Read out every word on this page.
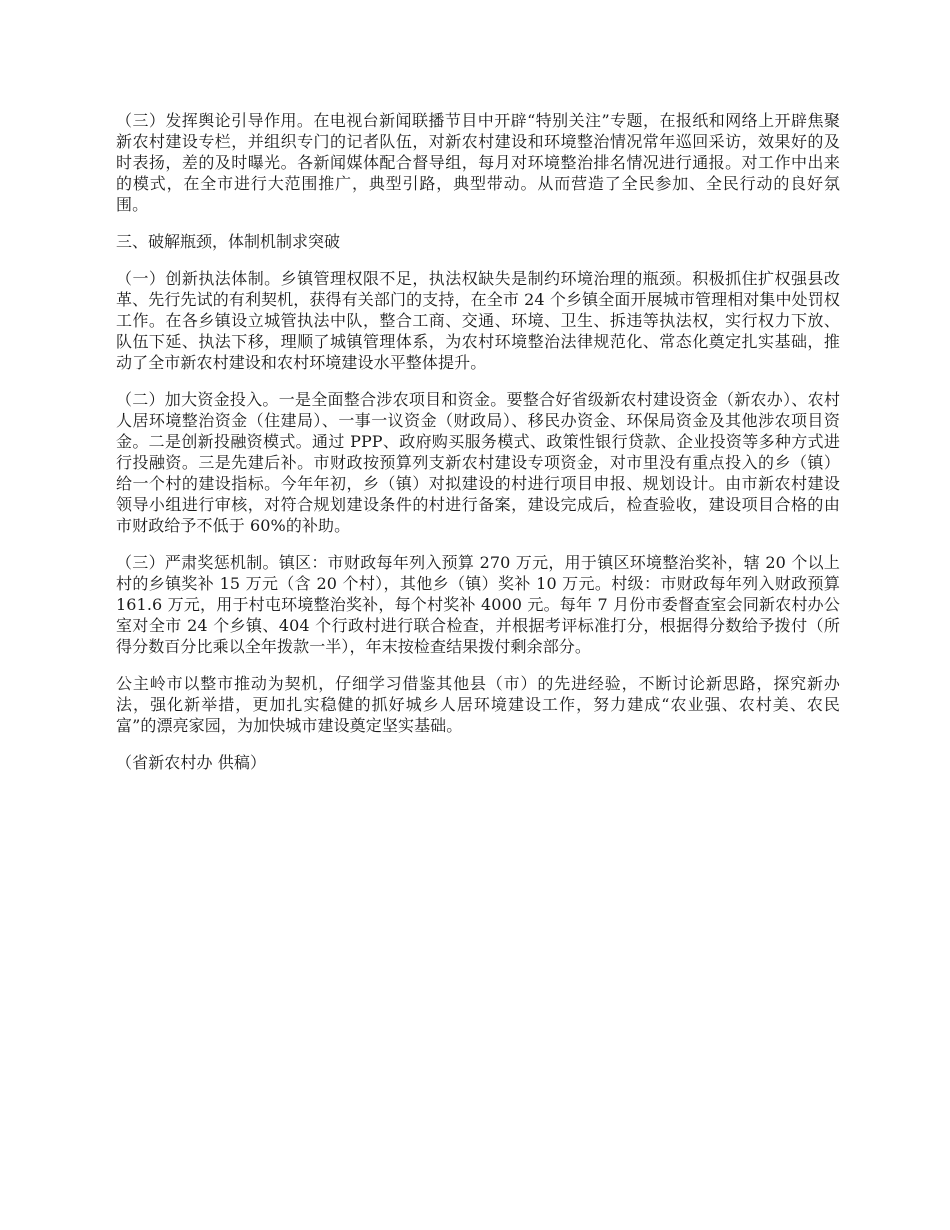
（三）发挥舆论引导作用。在电视台新闻联播节目中开辟“特别关注”专题，在报纸和网络上开辟焦聚新农村建设专栏，并组织专门的记者队伍，对新农村建设和环境整治情况常年巡回采访，效果好的及时表扬，差的及时曝光。各新闻媒体配合督导组，每月对环境整治排名情况进行通报。对工作中出来的模式，在全市进行大范围推广，典型引路，典型带动。从而营造了全民参加、全民行动的良好氛围。

三、破解瓶颈，体制机制求突破

（一）创新执法体制。乡镇管理权限不足，执法权缺失是制约环境治理的瓶颈。积极抓住扩权强县改革、先行先试的有利契机，获得有关部门的支持，在全市 24 个乡镇全面开展城市管理相对集中处罚权工作。在各乡镇设立城管执法中队，整合工商、交通、环境、卫生、拆违等执法权，实行权力下放、队伍下延、执法下移，理顺了城镇管理体系，为农村环境整治法律规范化、常态化奠定扎实基础，推动了全市新农村建设和农村环境建设水平整体提升。

（二）加大资金投入。一是全面整合涉农项目和资金。要整合好省级新农村建设资金（新农办）、农村人居环境整治资金（住建局）、一事一议资金（财政局）、移民办资金、环保局资金及其他涉农项目资金。二是创新投融资模式。通过 PPP、政府购买服务模式、政策性银行贷款、企业投资等多种方式进行投融资。三是先建后补。市财政按预算列支新农村建设专项资金，对市里没有重点投入的乡（镇）给一个村的建设指标。今年年初，乡（镇）对拟建设的村进行项目申报、规划设计。由市新农村建设领导小组进行审核，对符合规划建设条件的村进行备案，建设完成后，检查验收，建设项目合格的由市财政给予不低于 60%的补助。

（三）严肃奖惩机制。镇区：市财政每年列入预算 270 万元，用于镇区环境整治奖补，辖 20 个以上村的乡镇奖补 15 万元（含 20 个村），其他乡（镇）奖补 10 万元。村级：市财政每年列入财政预算 161.6 万元，用于村屯环境整治奖补，每个村奖补 4000 元。每年 7 月份市委督查室会同新农村办公室对全市 24 个乡镇、404 个行政村进行联合检查，并根据考评标准打分，根据得分数给予拨付（所得分数百分比乘以全年拨款一半），年末按检查结果拨付剩余部分。

公主岭市以整市推动为契机，仔细学习借鉴其他县（市）的先进经验，不断讨论新思路，探究新办法，强化新举措，更加扎实稳健的抓好城乡人居环境建设工作，努力建成“农业强、农村美、农民富”的漂亮家园，为加快城市建设奠定坚实基础。

（省新农村办 供稿）
